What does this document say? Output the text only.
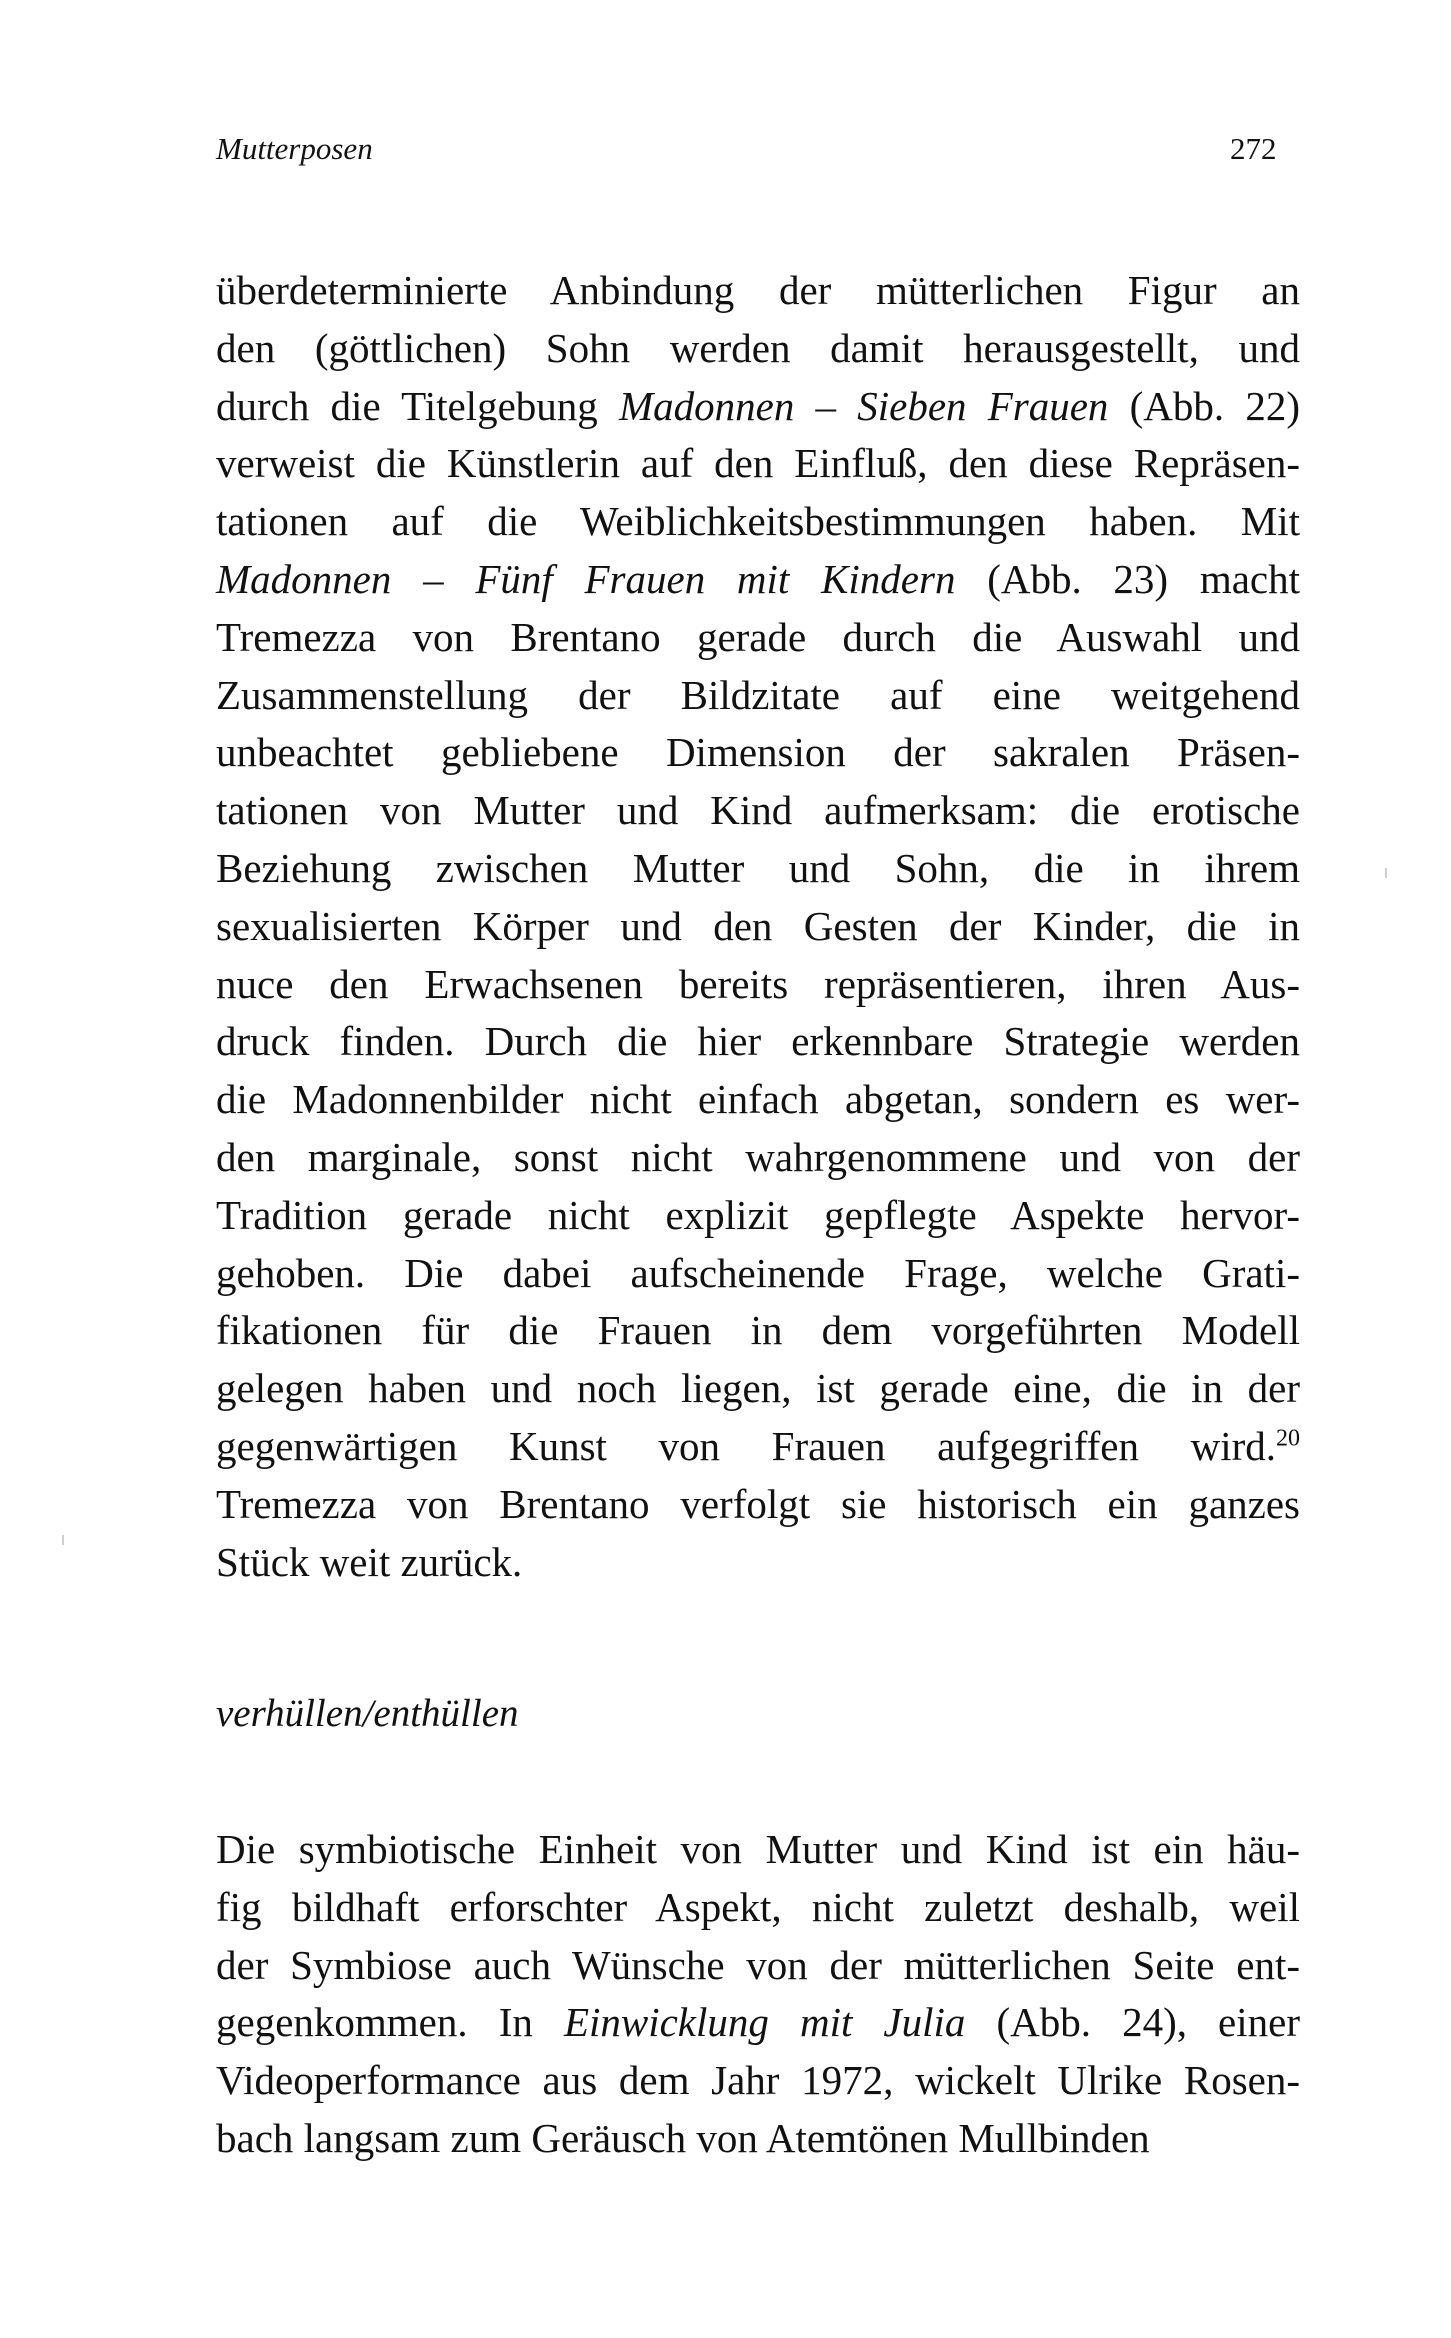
Mutterposen	272
überdeterminierte Anbindung der mütterlichen Figur an
den (göttlichen) Sohn werden damit herausgestellt, und
durch die Titelgebung Madonnen – Sieben Frauen (Abb. 22)
verweist die Künstlerin auf den Einfluß, den diese Repräsen-
tationen auf die Weiblichkeitsbestimmungen haben. Mit
Madonnen – Fünf Frauen mit Kindern (Abb. 23) macht
Tremezza von Brentano gerade durch die Auswahl und
Zusammenstellung der Bildzitate auf eine weitgehend
unbeachtet gebliebene Dimension der sakralen Präsen-
tationen von Mutter und Kind aufmerksam: die erotische
Beziehung zwischen Mutter und Sohn, die in ihrem
sexualisierten Körper und den Gesten der Kinder, die in
nuce den Erwachsenen bereits repräsentieren, ihren Aus-
druck finden. Durch die hier erkennbare Strategie werden
die Madonnenbilder nicht einfach abgetan, sondern es wer-
den marginale, sonst nicht wahrgenommene und von der
Tradition gerade nicht explizit gepflegte Aspekte hervor-
gehoben. Die dabei aufscheinende Frage, welche Grati-
fikationen für die Frauen in dem vorgeführten Modell
gelegen haben und noch liegen, ist gerade eine, die in der
gegenwärtigen Kunst von Frauen aufgegriffen wird.$^{20}$
Tremezza von Brentano verfolgt sie historisch ein ganzes
Stück weit zurück.
verhüllen/enthüllen
Die symbiotische Einheit von Mutter und Kind ist ein häu-
fig bildhaft erforschter Aspekt, nicht zuletzt deshalb, weil
der Symbiose auch Wünsche von der mütterlichen Seite ent-
gegenkommen. In Einwicklung mit Julia (Abb. 24), einer
Videoperformance aus dem Jahr 1972, wickelt Ulrike Rosen-
bach langsam zum Geräusch von Atemtönen Mullbinden
